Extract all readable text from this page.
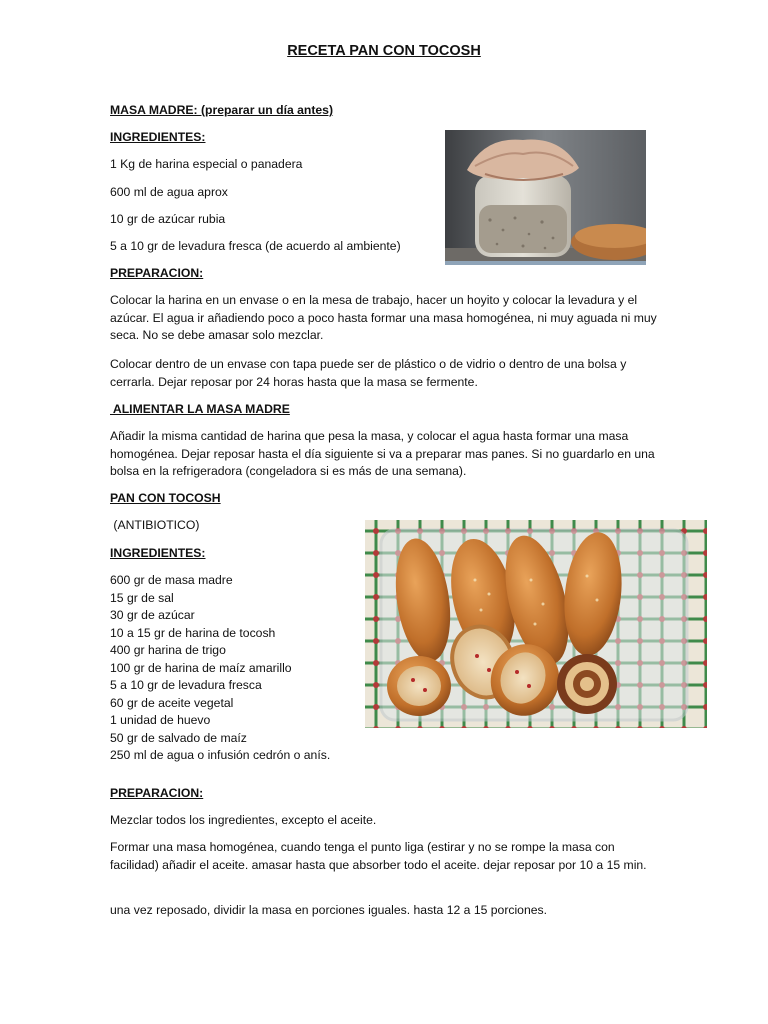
RECETA PAN CON TOCOSH
MASA MADRE: (preparar un día antes)
INGREDIENTES:
1 Kg de harina especial o panadera
600 ml de agua aprox
10 gr de azúcar rubia
5 a 10 gr de levadura fresca (de acuerdo al ambiente)
PREPARACION:
Colocar la harina en un envase o en la mesa de trabajo, hacer un hoyito y colocar la levadura y el azúcar. El agua ir añadiendo poco a poco hasta formar una masa homogénea, ni muy aguada ni muy seca. No se debe amasar solo mezclar.
Colocar dentro de un envase con tapa puede ser de plástico o de vidrio o dentro de una bolsa y cerrarla. Dejar reposar por 24 horas hasta que la masa se fermente.
ALIMENTAR LA MASA MADRE
Añadir la misma cantidad de harina que pesa la masa, y colocar el agua hasta formar una masa homogénea. Dejar reposar hasta el día siguiente si va a preparar mas panes. Si no guardarlo en una bolsa en la refrigeradora (congeladora si es más de una semana).
PAN CON TOCOSH
(ANTIBIOTICO)
INGREDIENTES:
600 gr de masa madre
15 gr de sal
30 gr de azúcar
10 a 15 gr de harina de tocosh
400 gr harina de trigo
100 gr de harina de maíz amarillo
5 a 10 gr de levadura fresca
60 gr de aceite vegetal
1 unidad de huevo
50 gr de salvado de maíz
250 ml de agua o infusión cedrón o anís.
PREPARACION:
Mezclar todos los ingredientes, excepto el aceite.
Formar una masa homogénea, cuando tenga el punto liga (estirar y no se rompe la masa con facilidad) añadir el aceite. amasar hasta que absorber todo el aceite. dejar reposar por 10 a 15 min.
una vez reposado, dividir la masa en porciones iguales. hasta 12 a 15 porciones.
